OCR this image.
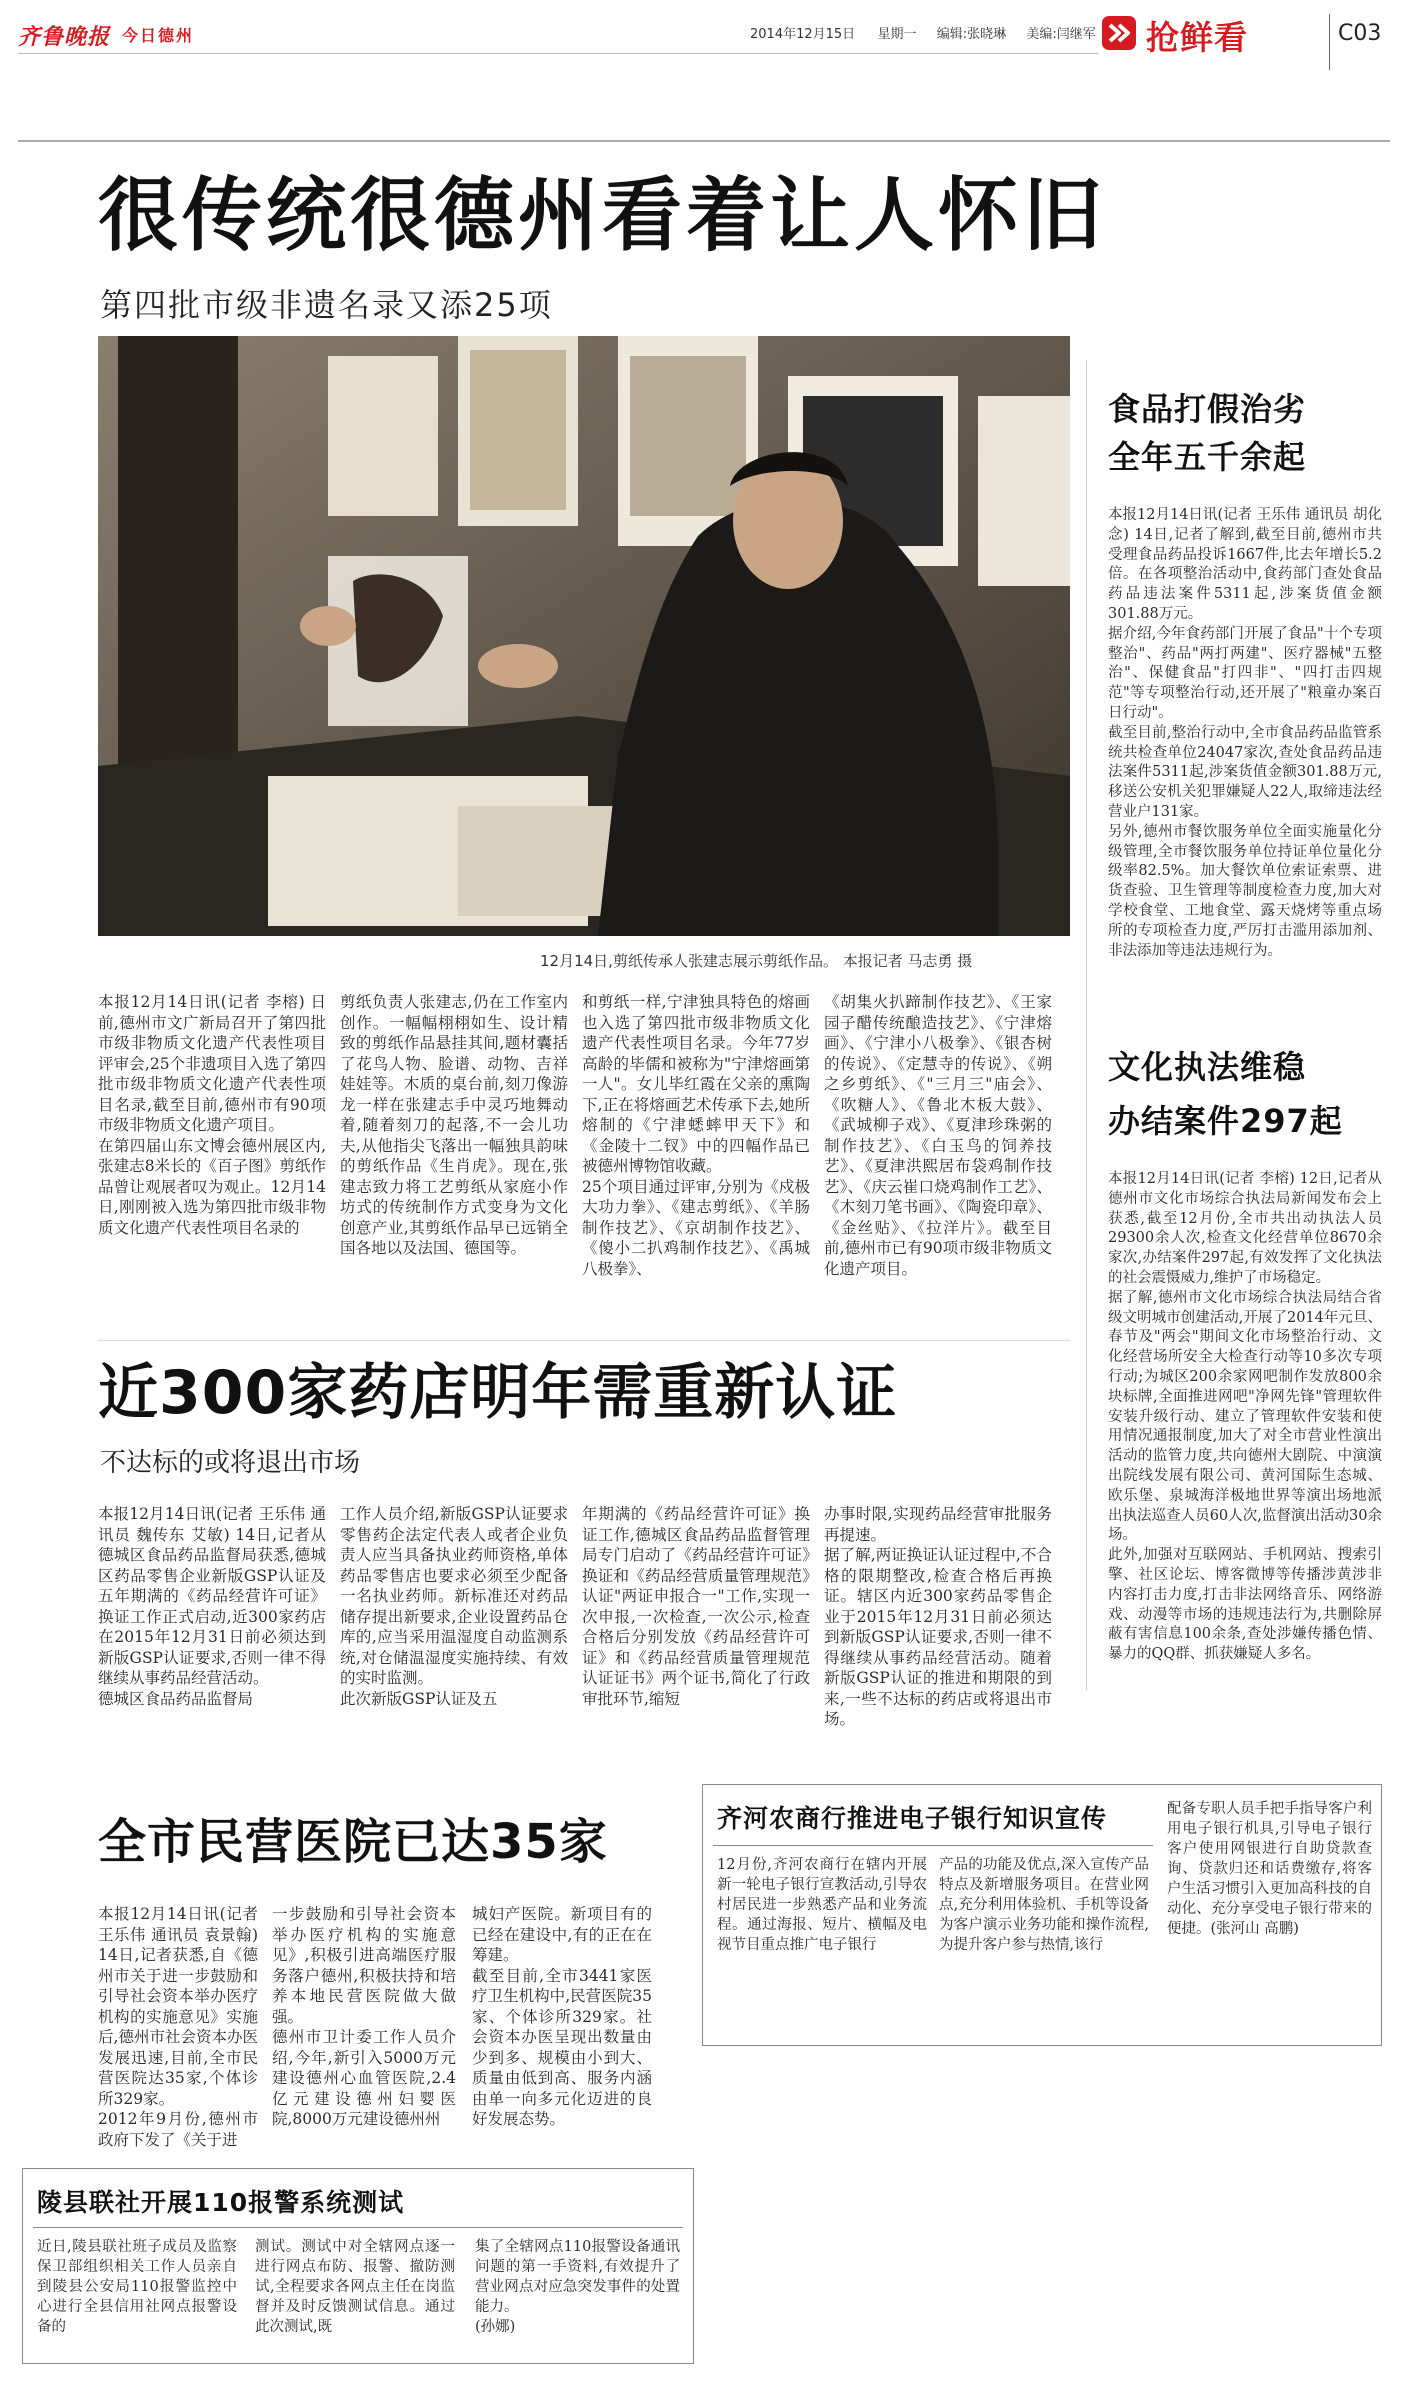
齐鲁晚报 今日德州	2014年12月15日 星期一 编辑:张晓琳 美编:闫继军 抢鲜看	C03
很传统很德州看着让人怀旧
第四批市级非遗名录又添25项
12月14日,剪纸传承人张建志展示剪纸作品。 本报记者 马志勇 摄
本报12月14日讯(记者 李榕) 日前,德州市文广新局召开了第四批市级非物质文化遗产代表性项目评审会,25个非遗项目入选了第四批市级非物质文化遗产代表性项目名录,截至目前,德州市有90项市级非物质文化遗产项目。
在第四届山东文博会德州展区内,张建志8米长的《百子图》剪纸作品曾让观展者叹为观止。12月14日,刚刚被入选为第四批市级非物质文化遗产代表性项目名录的
剪纸负责人张建志,仍在工作室内创作。一幅幅栩栩如生、设计精致的剪纸作品悬挂其间,题材囊括了花鸟人物、脸谱、动物、吉祥娃娃等。木质的桌台前,刻刀像游龙一样在张建志手中灵巧地舞动着,随着刻刀的起落,不一会儿功夫,从他指尖飞落出一幅独具韵味的剪纸作品《生肖虎》。现在,张建志致力将工艺剪纸从家庭小作坊式的传统制作方式变身为文化创意产业,其剪纸作品早已远销全国各地以及法国、德国等。
和剪纸一样,宁津独具特色的熔画也入选了第四批市级非物质文化遗产代表性项目名录。今年77岁高龄的毕儒和被称为"宁津熔画第一人"。女儿毕红霞在父亲的熏陶下,正在将熔画艺术传承下去,她所熔制的《宁津蟋蟀甲天下》和《金陵十二钗》中的四幅作品已被德州博物馆收藏。
25个项目通过评审,分别为《戍极大功力拳》、《建志剪纸》、《羊肠制作技艺》、《京胡制作技艺》、《傻小二扒鸡制作技艺》、《禹城八极拳》、
《胡集火扒蹄制作技艺》、《王家园子醋传统酿造技艺》、《宁津熔画》、《宁津小八极拳》、《银杏树的传说》、《定慧寺的传说》、《朔之乡剪纸》、《"三月三"庙会》、《吹糖人》、《鲁北木板大鼓》、《武城柳子戏》、《夏津珍珠粥的制作技艺》、《白玉鸟的饲养技艺》、《夏津洪熙居布袋鸡制作技艺》、《庆云崔口烧鸡制作工艺》、《木刻刀笔书画》、《陶瓷印章》、《金丝贴》、《拉洋片》。截至目前,德州市已有90项市级非物质文化遗产项目。
食品打假治劣
全年五千余起
本报12月14日讯(记者 王乐伟 通讯员 胡化念) 14日,记者了解到,截至目前,德州市共受理食品药品投诉1667件,比去年增长5.2倍。在各项整治活动中,食药部门查处食品药品违法案件5311起,涉案货值金额301.88万元。
据介绍,今年食药部门开展了食品"十个专项整治"、药品"两打两建"、医疗器械"五整治"、保健食品"打四非"、"四打击四规范"等专项整治行动,还开展了"粮童办案百日行动"。
截至目前,整治行动中,全市食品药品监管系统共检查单位24047家次,查处食品药品违法案件5311起,涉案货值金额301.88万元,移送公安机关犯罪嫌疑人22人,取缔违法经营业户131家。
另外,德州市餐饮服务单位全面实施量化分级管理,全市餐饮服务单位持证单位量化分级率82.5%。加大餐饮单位索证索票、进货查验、卫生管理等制度检查力度,加大对学校食堂、工地食堂、露天烧烤等重点场所的专项检查力度,严厉打击滥用添加剂、非法添加等违法违规行为。
文化执法维稳
办结案件297起
本报12月14日讯(记者 李榕) 12日,记者从德州市文化市场综合执法局新闻发布会上获悉,截至12月份,全市共出动执法人员29300余人次,检查文化经营单位8670余家次,办结案件297起,有效发挥了文化执法的社会震慑威力,维护了市场稳定。
据了解,德州市文化市场综合执法局结合省级文明城市创建活动,开展了2014年元旦、春节及"两会"期间文化市场整治行动、文化经营场所安全大检查行动等10多次专项行动;为城区200余家网吧制作发放800余块标牌,全面推进网吧"净网先锋"管理软件安装升级行动、建立了管理软件安装和使用情况通报制度,加大了对全市营业性演出活动的监管力度,共向德州大剧院、中演演出院线发展有限公司、黄河国际生态城、欧乐堡、泉城海洋极地世界等演出场地派出执法巡查人员60人次,监督演出活动30余场。
此外,加强对互联网站、手机网站、搜索引擎、社区论坛、博客微博等传播涉黄涉非内容打击力度,打击非法网络音乐、网络游戏、动漫等市场的违规违法行为,共删除屏蔽有害信息100余条,查处涉嫌传播色情、暴力的QQ群、抓获嫌疑人多名。
近300家药店明年需重新认证
不达标的或将退出市场
本报12月14日讯(记者 王乐伟 通讯员 魏传东 艾敏) 14日,记者从德城区食品药品监督局获悉,德城区药品零售企业新版GSP认证及五年期满的《药品经营许可证》换证工作正式启动,近300家药店在2015年12月31日前必须达到新版GSP认证要求,否则一律不得继续从事药品经营活动。
德城区食品药品监督局
工作人员介绍,新版GSP认证要求零售药企法定代表人或者企业负责人应当具备执业药师资格,单体药品零售店也要求必须至少配备一名执业药师。新标准还对药品储存提出新要求,企业设置药品仓库的,应当采用温湿度自动监测系统,对仓储温湿度实施持续、有效的实时监测。
此次新版GSP认证及五
年期满的《药品经营许可证》换证工作,德城区食品药品监督管理局专门启动了《药品经营许可证》换证和《药品经营质量管理规范》认证"两证申报合一"工作,实现一次申报,一次检查,一次公示,检查合格后分别发放《药品经营许可证》和《药品经营质量管理规范认证证书》两个证书,简化了行政审批环节,缩短
办事时限,实现药品经营审批服务再提速。
据了解,两证换证认证过程中,不合格的限期整改,检查合格后再换证。辖区内近300家药品零售企业于2015年12月31日前必须达到新版GSP认证要求,否则一律不得继续从事药品经营活动。随着新版GSP认证的推进和期限的到来,一些不达标的药店或将退出市场。
全市民营医院已达35家
本报12月14日讯(记者 王乐伟 通讯员 袁景翰) 14日,记者获悉,自《德州市关于进一步鼓励和引导社会资本举办医疗机构的实施意见》实施后,德州市社会资本办医发展迅速,目前,全市民营医院达35家,个体诊所329家。
2012年9月份,德州市政府下发了《关于进
一步鼓励和引导社会资本举办医疗机构的实施意见》,积极引进高端医疗服务落户德州,积极扶持和培养本地民营医院做大做强。
德州市卫计委工作人员介绍,今年,新引入5000万元建设德州心血管医院,2.4亿元建设德州妇婴医院,8000万元建设德州州
城妇产医院。新项目有的已经在建设中,有的正在在筹建。
截至目前,全市3441家医疗卫生机构中,民营医院35家、个体诊所329家。社会资本办医呈现出数量由少到多、规模由小到大、质量由低到高、服务内涵由单一向多元化迈进的良好发展态势。
齐河农商行推进电子银行知识宣传
12月份,齐河农商行在辖内开展新一轮电子银行宣教活动,引导农村居民进一步熟悉产品和业务流程。通过海报、短片、横幅及电视节目重点推广电子银行
产品的功能及优点,深入宣传产品特点及新增服务项目。在营业网点,充分利用体验机、手机等设备为客户演示业务功能和操作流程,为提升客户参与热情,该行
配备专职人员手把手指导客户利用电子银行机具,引导电子银行客户使用网银进行自助贷款查询、贷款归还和话费缴存,将客户生活习惯引入更加高科技的自动化、充分享受电子银行带来的便捷。(张河山 高鹏)
陵县联社开展110报警系统测试
近日,陵县联社班子成员及监察保卫部组织相关工作人员亲自到陵县公安局110报警监控中心进行全县信用社网点报警设备的
测试。测试中对全辖网点逐一进行网点布防、报警、撤防测试,全程要求各网点主任在岗监督并及时反馈测试信息。通过此次测试,既
集了全辖网点110报警设备通讯问题的第一手资料,有效提升了营业网点对应急突发事件的处置能力。
(孙娜)
